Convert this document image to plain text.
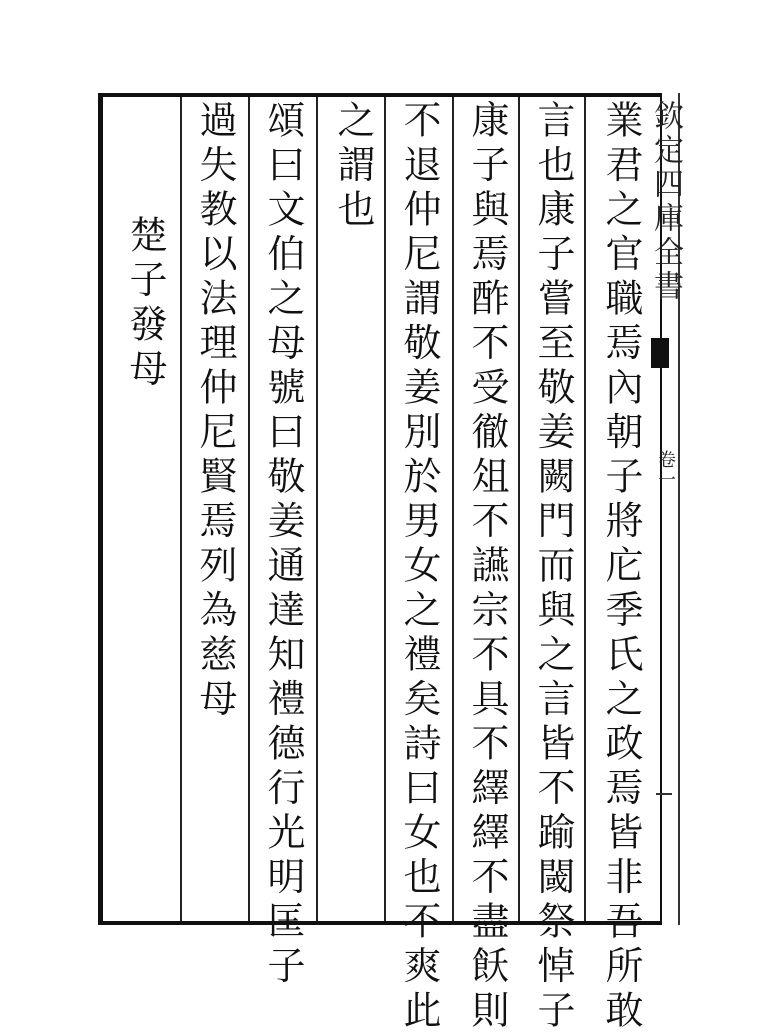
業君之官職焉內朝子將庀季氏之政焉皆非吾所敢
言也康子嘗至敬姜闕門而與之言皆不踰閾祭悼子
康子與焉酢不受徹俎不讌宗不具不繹繹不盡飫則
不退仲尼謂敬姜別於男女之禮矣詩曰女也不爽此
之謂也
頌曰文伯之母號曰敬姜通達知禮德行光明匡子
過失教以法理仲尼賢焉列為慈母
楚子發母	欽定四庫全書
卷一
